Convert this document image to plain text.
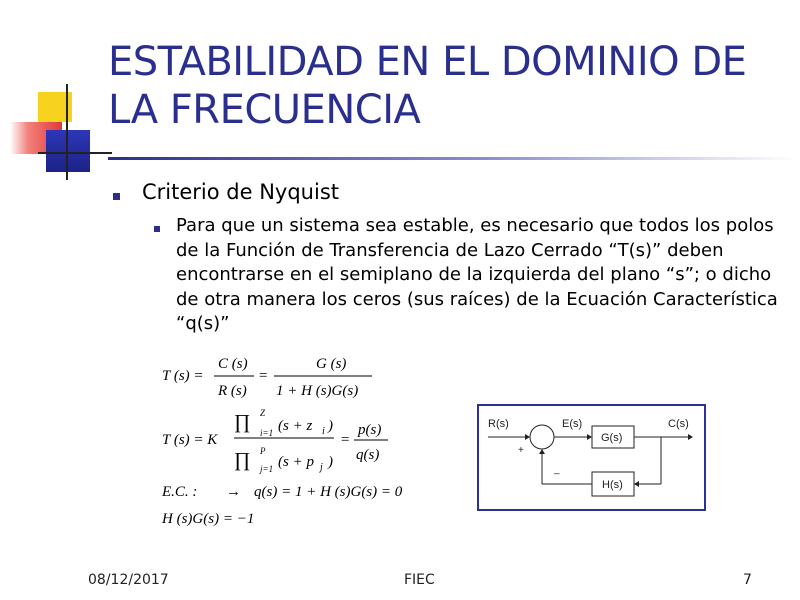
ESTABILIDAD EN EL DOMINIO DE LA FRECUENCIA
Criterio de Nyquist
Para que un sistema sea estable, es necesario que todos los polos de la Función de Transferencia de Lazo Cerrado “T(s)” deben encontrarse en el semiplano de la izquierda del plano “s”; o dicho de otra manera los ceros (sus raíces) de la Ecuación Característica “q(s)”
T (s) =
C (s)
R (s)
=
G (s)
1 + H (s)G(s)
T (s) = K
∏ Z
i=1 (s + z i )
∏ P
j=1 (s + p j )
=
p(s)
q(s)
E.C. : → q(s) = 1 + H (s)G(s) = 0
H (s)G(s) = −1
R(s)	E(s)	C(s)
+
_
G(s)
H(s)
08/12/2017	FIEC	7
